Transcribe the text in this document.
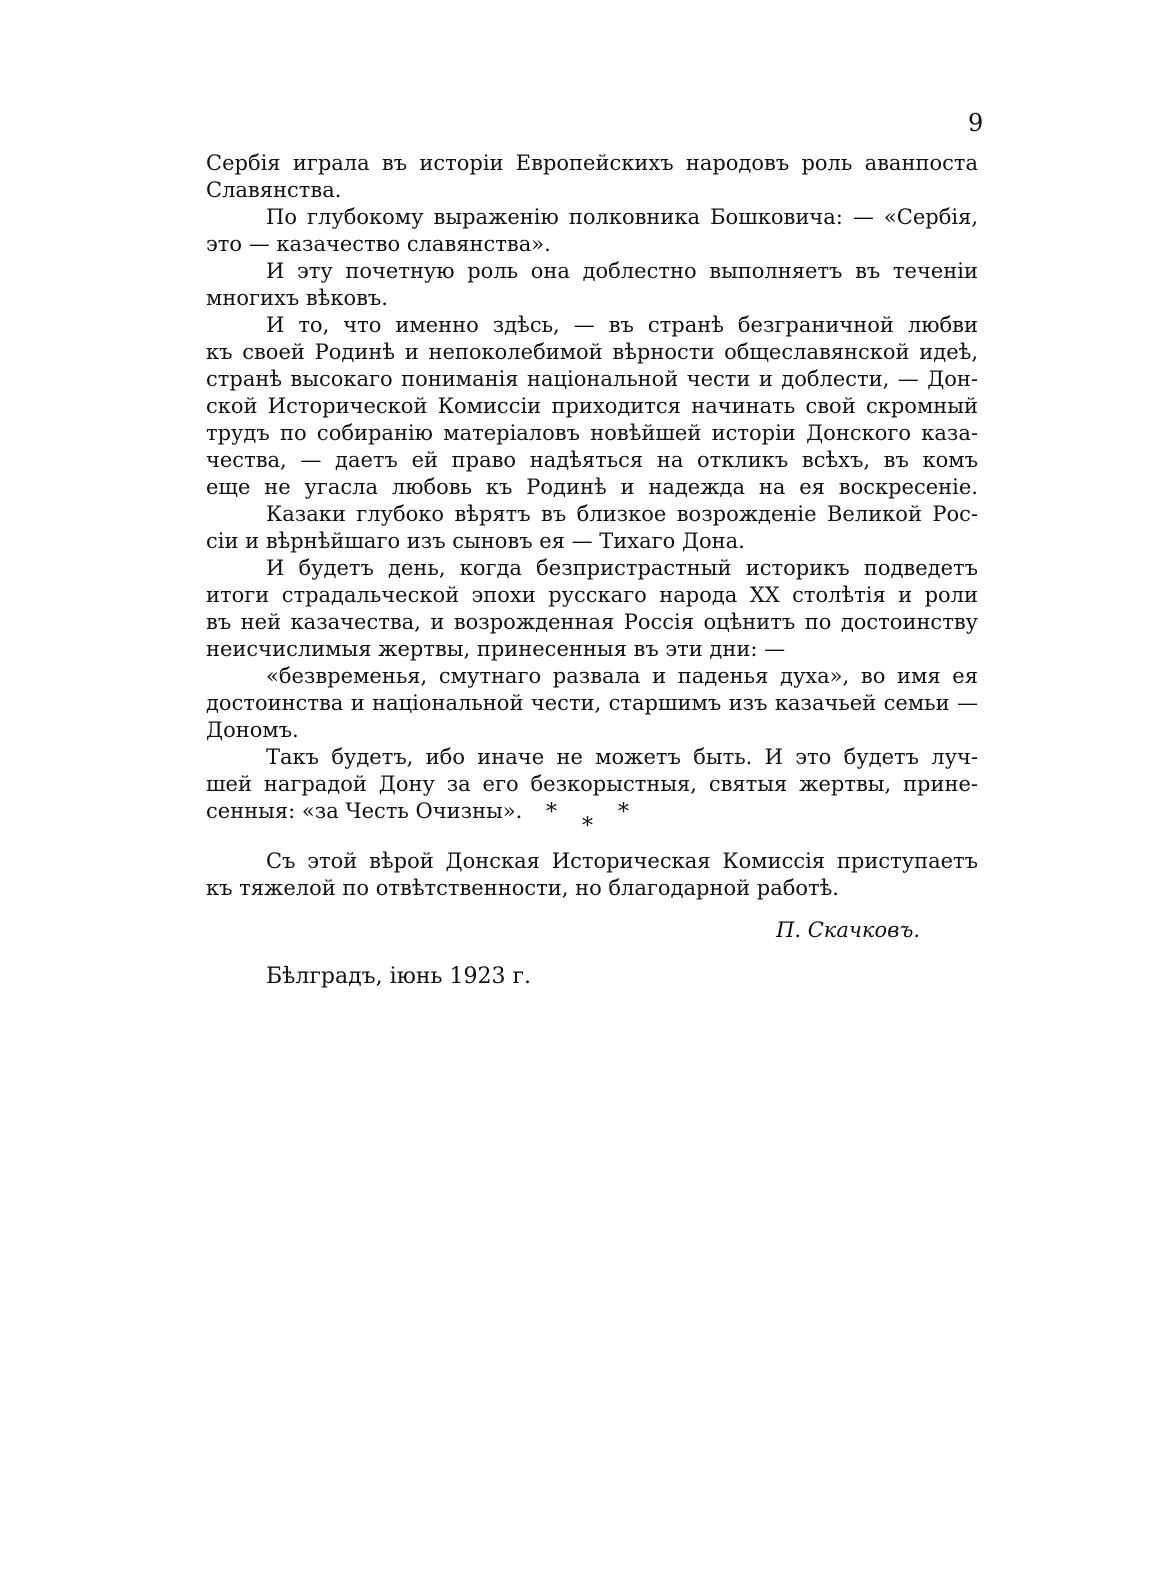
9
Сербія играла въ исторіи Европейскихъ народовъ роль аванпоста
Славянства.
По глубокому выраженію полковника Бошковича: — «Сербія,
это — казачество славянства».
И эту почетную роль она доблестно выполняетъ въ теченіи
многихъ вѣковъ.
И то, что именно здѣсь, — въ странѣ безграничной любви
къ своей Родинѣ и непоколебимой вѣрности общеславянской идеѣ,
странѣ высокаго пониманія національной чести и доблести, — Дон-
ской Исторической Комиссіи приходится начинать свой скромный
трудъ по собиранію матеріаловъ новѣйшей исторіи Донского каза-
чества, — даетъ ей право надѣяться на откликъ всѣхъ, въ комъ
еще не угасла любовь къ Родинѣ и надежда на ея воскресеніе.
Казаки глубоко вѣрятъ въ близкое возрожденіе Великой Рос-
сіи и вѣрнѣйшаго изъ сыновъ ея — Тихаго Дона.
И будетъ день, когда безпристрастный историкъ подведетъ
итоги страдальческой эпохи русскаго народа XX столѣтія и роли
въ ней казачества, и возрожденная Россія оцѣнитъ по достоинству
неисчислимыя жертвы, принесенныя въ эти дни: —
«безвременья, смутнаго развала и паденья духа», во имя ея
достоинства и національной чести, старшимъ изъ казачьей семьи —
Дономъ.
Такъ будетъ, ибо иначе не можетъ быть. И это будетъ луч-
шей наградой Дону за его безкорыстныя, святыя жертвы, прине-
сенныя: «за Честь Очизны».	*
*
*
Съ этой вѣрой Донская Историческая Комиссія приступаетъ
къ тяжелой по отвѣтственности, но благодарной работѣ.
П. Скачковъ.
Бѣлградъ, іюнь 1923 г.
